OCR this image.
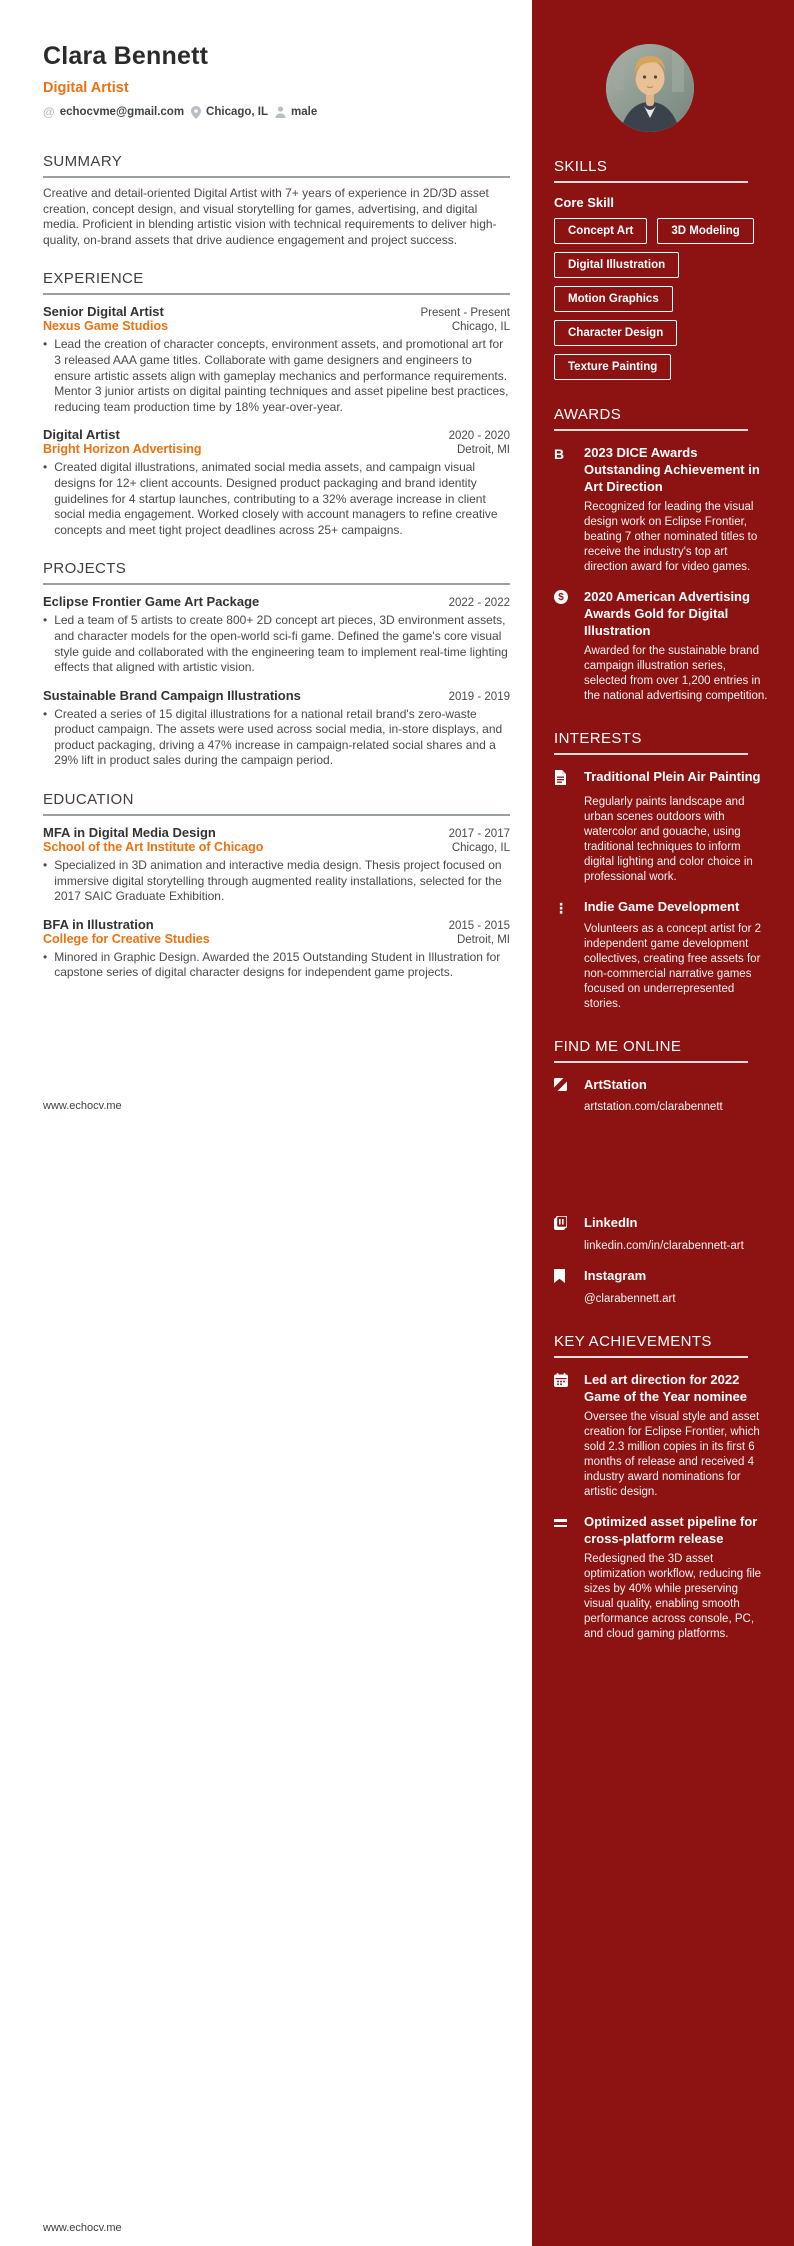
Clara Bennett
Digital Artist
@ echocvme@gmail.com Chicago, IL male
SUMMARY
Creative and detail-oriented Digital Artist with 7+ years of experience in 2D/3D asset creation, concept design, and visual storytelling for games, advertising, and digital media. Proficient in blending artistic vision with technical requirements to deliver high-quality, on-brand assets that drive audience engagement and project success.
EXPERIENCE
Senior Digital Artist	Present - Present
Nexus Game Studios	Chicago, IL
• Lead the creation of character concepts, environment assets, and promotional art for 3 released AAA game titles. Collaborate with game designers and engineers to ensure artistic assets align with gameplay mechanics and performance requirements. Mentor 3 junior artists on digital painting techniques and asset pipeline best practices, reducing team production time by 18% year-over-year.
Digital Artist	2020 - 2020
Bright Horizon Advertising	Detroit, MI
• Created digital illustrations, animated social media assets, and campaign visual designs for 12+ client accounts. Designed product packaging and brand identity guidelines for 4 startup launches, contributing to a 32% average increase in client social media engagement. Worked closely with account managers to refine creative concepts and meet tight project deadlines across 25+ campaigns.
PROJECTS
Eclipse Frontier Game Art Package	2022 - 2022
• Led a team of 5 artists to create 800+ 2D concept art pieces, 3D environment assets, and character models for the open-world sci-fi game. Defined the game's core visual style guide and collaborated with the engineering team to implement real-time lighting effects that aligned with artistic vision.
Sustainable Brand Campaign Illustrations	2019 - 2019
• Created a series of 15 digital illustrations for a national retail brand's zero-waste product campaign. The assets were used across social media, in-store displays, and product packaging, driving a 47% increase in campaign-related social shares and a 29% lift in product sales during the campaign period.
EDUCATION
MFA in Digital Media Design	2017 - 2017
School of the Art Institute of Chicago	Chicago, IL
• Specialized in 3D animation and interactive media design. Thesis project focused on immersive digital storytelling through augmented reality installations, selected for the 2017 SAIC Graduate Exhibition.
BFA in Illustration	2015 - 2015
College for Creative Studies	Detroit, MI
• Minored in Graphic Design. Awarded the 2015 Outstanding Student in Illustration for capstone series of digital character designs for independent game projects.
www.echocv.me
www.echocv.me
SKILLS
Core Skill
Concept Art	3D Modeling
Digital Illustration
Motion Graphics
Character Design
Texture Painting
AWARDS
B	2023 DICE Awards Outstanding Achievement in Art Direction
Recognized for leading the visual design work on Eclipse Frontier, beating 7 other nominated titles to receive the industry's top art direction award for video games.
$	2020 American Advertising Awards Gold for Digital Illustration
Awarded for the sustainable brand campaign illustration series, selected from over 1,200 entries in the national advertising competition.
INTERESTS
Traditional Plein Air Painting
Regularly paints landscape and urban scenes outdoors with watercolor and gouache, using traditional techniques to inform digital lighting and color choice in professional work.
⋮	Indie Game Development
Volunteers as a concept artist for 2 independent game development collectives, creating free assets for non-commercial narrative games focused on underrepresented stories.
FIND ME ONLINE
ArtStation
artstation.com/clarabennett
LinkedIn
linkedin.com/in/clarabennett-art
Instagram
@clarabennett.art
KEY ACHIEVEMENTS
Led art direction for 2022 Game of the Year nominee
Oversee the visual style and asset creation for Eclipse Frontier, which sold 2.3 million copies in its first 6 months of release and received 4 industry award nominations for artistic design.
Optimized asset pipeline for cross-platform release
Redesigned the 3D asset optimization workflow, reducing file sizes by 40% while preserving visual quality, enabling smooth performance across console, PC, and cloud gaming platforms.
